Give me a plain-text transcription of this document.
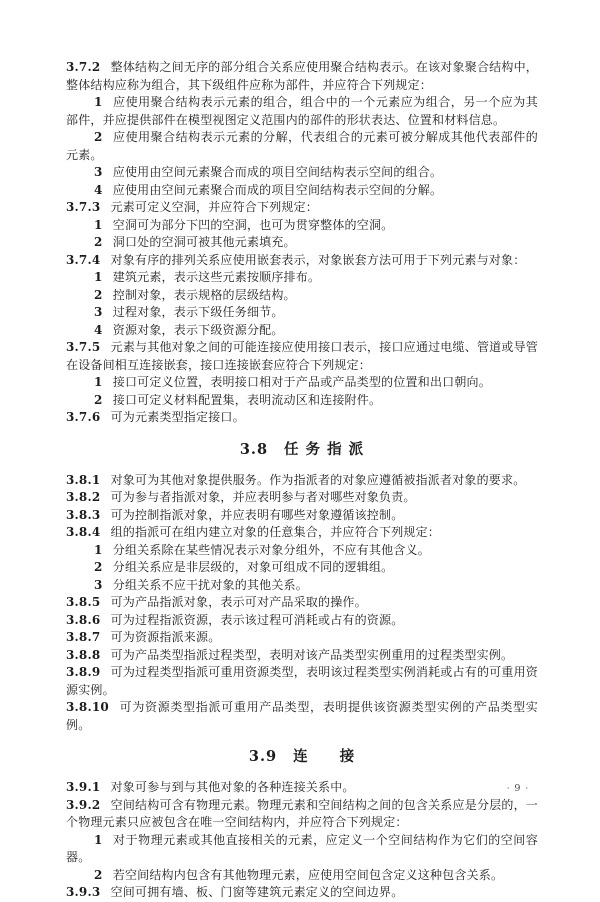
3.7.2 整体结构之间无序的部分组合关系应使用聚合结构表示。在该对象聚合结构中，整体结构应称为组合，其下级组件应称为部件，并应符合下列规定：

1 应使用聚合结构表示元素的组合，组合中的一个元素应为组合，另一个应为其部件，并应提供部件在模型视图定义范围内的部件的形状表达、位置和材料信息。

2 应使用聚合结构表示元素的分解，代表组合的元素可被分解成其他代表部件的元素。

3 应使用由空间元素聚合而成的项目空间结构表示空间的组合。

4 应使用由空间元素聚合而成的项目空间结构表示空间的分解。

3.7.3 元素可定义空洞，并应符合下列规定：

1 空洞可为部分下凹的空洞，也可为贯穿整体的空洞。

2 洞口处的空洞可被其他元素填充。

3.7.4 对象有序的排列关系应使用嵌套表示，对象嵌套方法可用于下列元素与对象：

1 建筑元素，表示这些元素按顺序排布。

2 控制对象，表示规格的层级结构。

3 过程对象，表示下级任务细节。

4 资源对象，表示下级资源分配。

3.7.5 元素与其他对象之间的可能连接应使用接口表示，接口应通过电缆、管道或导管在设备间相互连接嵌套，接口连接嵌套应符合下列规定：

1 接口可定义位置，表明接口相对于产品或产品类型的位置和出口朝向。

2 接口可定义材料配置集，表明流动区和连接附件。

3.7.6 可为元素类型指定接口。

3.8 任 务 指 派

3.8.1 对象可为其他对象提供服务。作为指派者的对象应遵循被指派者对象的要求。

3.8.2 可为参与者指派对象，并应表明参与者对哪些对象负责。

3.8.3 可为控制指派对象，并应表明有哪些对象遵循该控制。

3.8.4 组的指派可在组内建立对象的任意集合，并应符合下列规定：

1 分组关系除在某些情况表示对象分组外，不应有其他含义。

2 分组关系应是非层级的，对象可组成不同的逻辑组。

3 分组关系不应干扰对象的其他关系。

3.8.5 可为产品指派对象，表示可对产品采取的操作。

3.8.6 可为过程指派资源，表示该过程可消耗或占有的资源。

3.8.7 可为资源指派来源。

3.8.8 可为产品类型指派过程类型，表明对该产品类型实例重用的过程类型实例。

3.8.9 可为过程类型指派可重用资源类型，表明该过程类型实例消耗或占有的可重用资源实例。

3.8.10 可为资源类型指派可重用产品类型，表明提供该资源类型实例的产品类型实例。

3.9 连　　接

3.9.1 对象可参与到与其他对象的各种连接关系中。

3.9.2 空间结构可含有物理元素。物理元素和空间结构之间的包含关系应是分层的，一个物理元素只应被包含在唯一空间结构内，并应符合下列规定：

1 对于物理元素或其他直接相关的元素，应定义一个空间结构作为它们的空间容器。

2 若空间结构内包含有其他物理元素，应使用空间包含定义这种包含关系。

3.9.3 空间可拥有墙、板、门窗等建筑元素定义的空间边界。

· 9 ·
